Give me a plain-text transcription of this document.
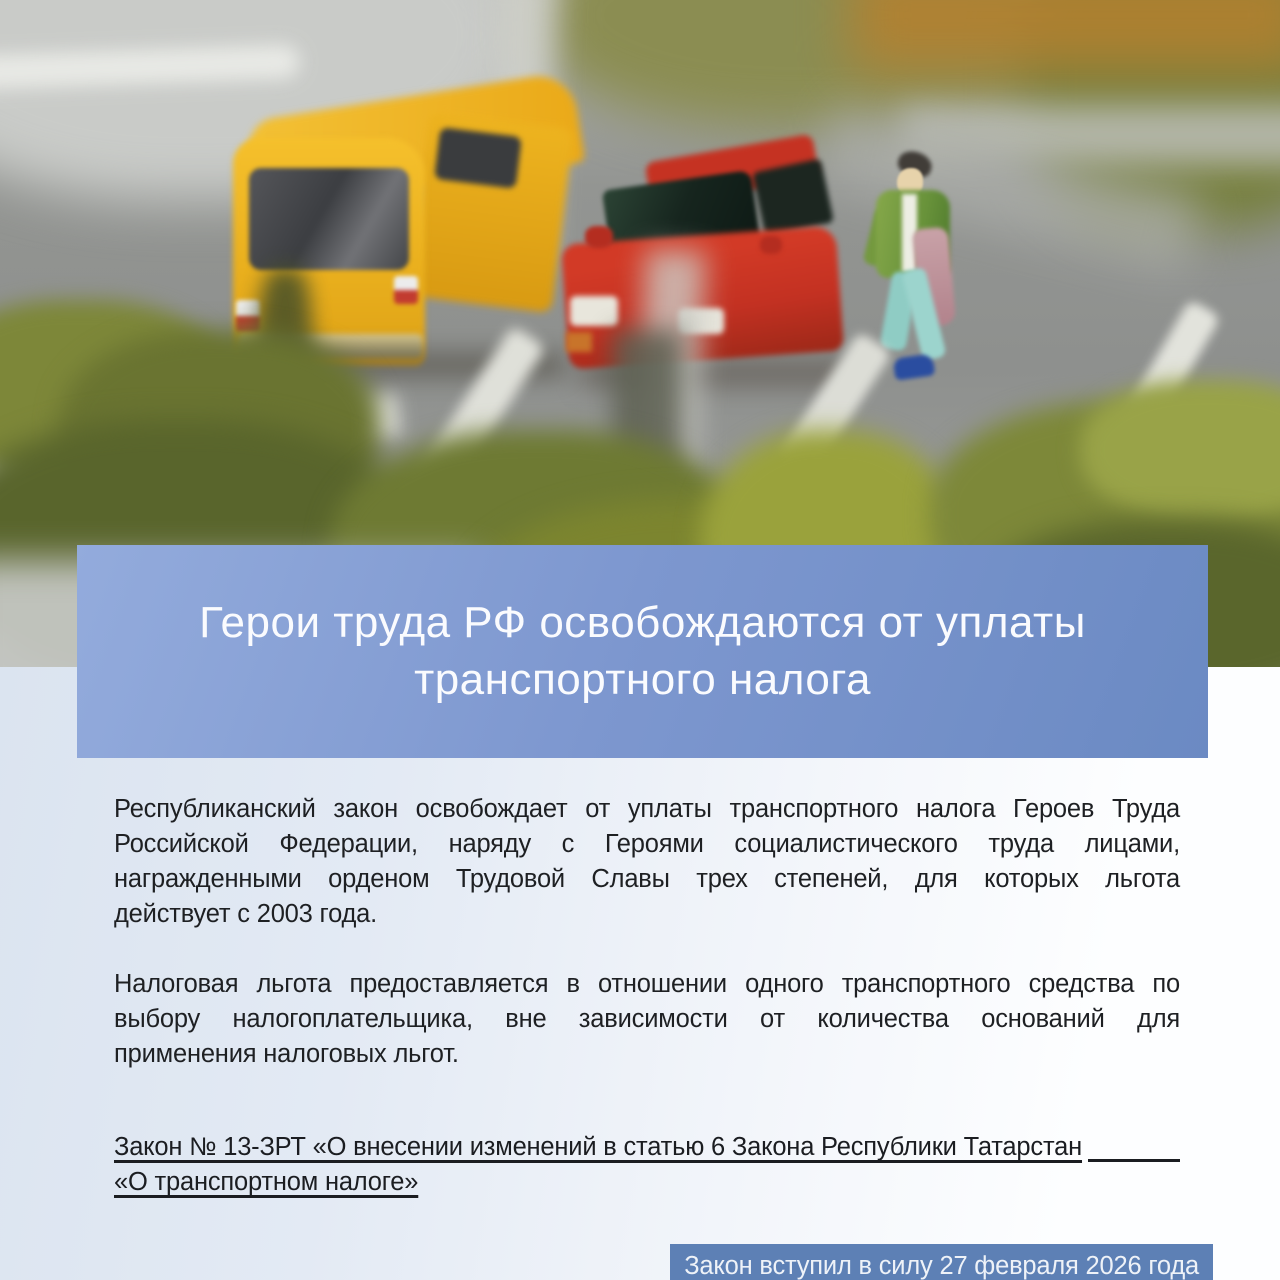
Герои труда РФ освобождаются от уплаты
транспортного налога
Республиканский закон освобождает от уплаты транспортного налога Героев Труда
Российской Федерации, наряду с Героями социалистического труда лицами,
награжденными орденом Трудовой Славы трех степеней, для которых льгота
действует с 2003 года.
Налоговая льгота предоставляется в отношении одного транспортного средства по
выбору налогоплательщика, вне зависимости от количества оснований для
применения налоговых льгот.
Закон № 13-ЗРТ «О внесении изменений в статью 6 Закона Республики Татарстан
«О транспортном налоге»
Закон вступил в силу 27 февраля 2026 года
